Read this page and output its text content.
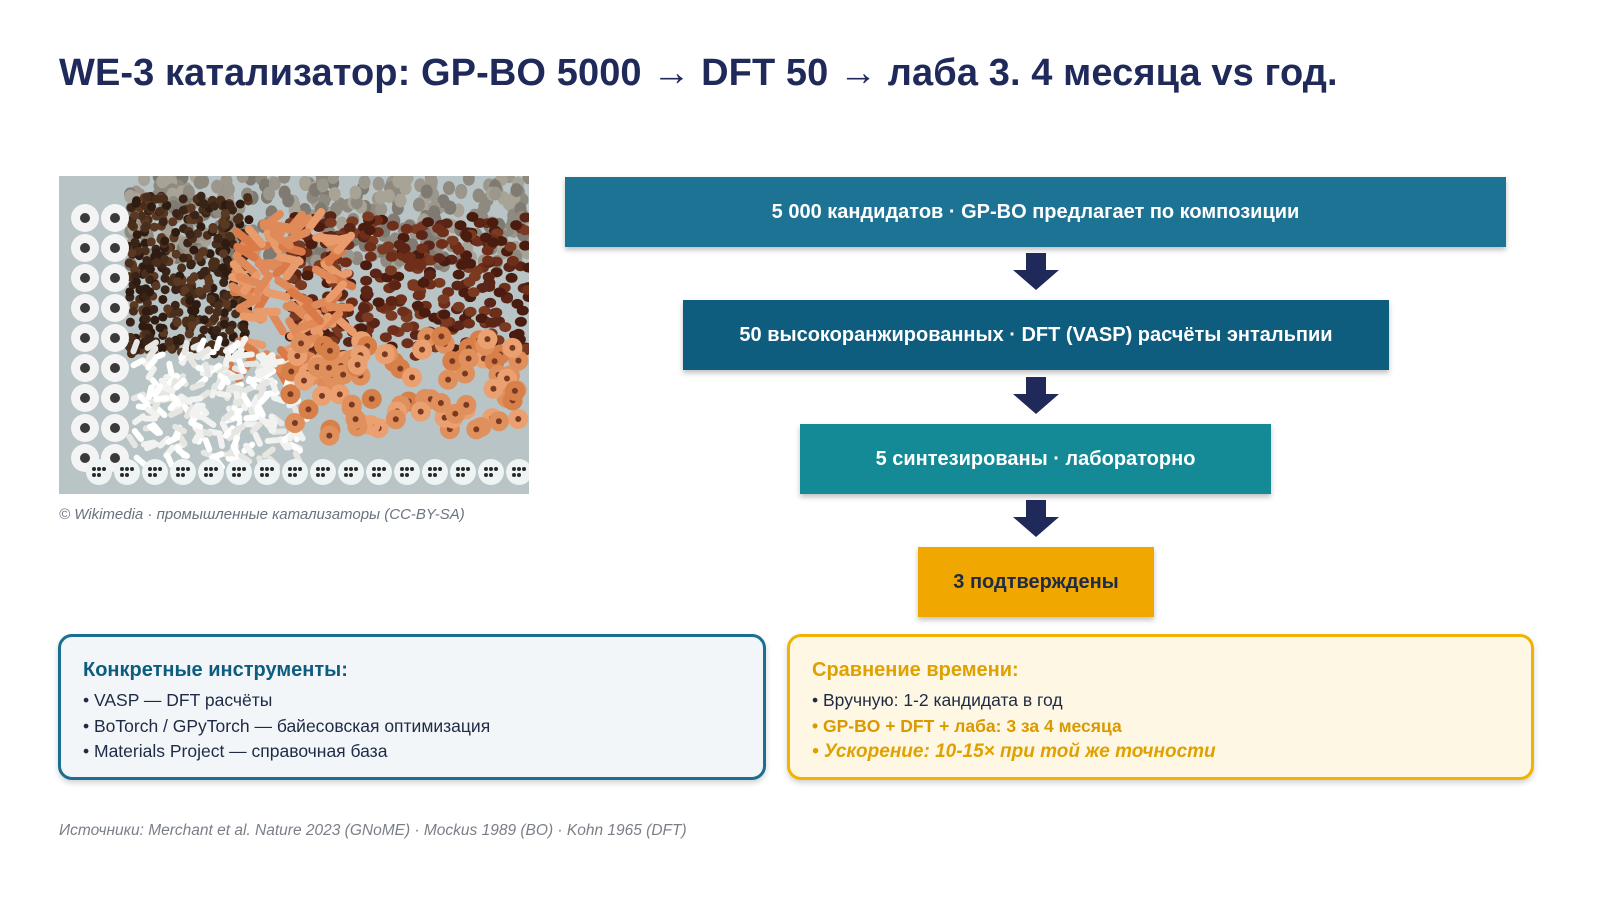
WE-3 катализатор: GP-BO 5000 → DFT 50 → лаба 3. 4 месяца vs год.
© Wikimedia · промышленные катализаторы (CC-BY-SA)
5 000 кандидатов · GP-BO предлагает по композиции
50 высокоранжированных · DFT (VASP) расчёты энтальпии
5 синтезированы · лабораторно
3 подтверждены
Конкретные инструменты:
• VASP — DFT расчёты
• BoTorch / GPyTorch — байесовская оптимизация
• Materials Project — справочная база
Сравнение времени:
• Вручную: 1-2 кандидата в год
• GP-BO + DFT + лаба: 3 за 4 месяца
• Ускорение: 10-15× при той же точности
Источники: Merchant et al. Nature 2023 (GNoME) · Mockus 1989 (BO) · Kohn 1965 (DFT)
